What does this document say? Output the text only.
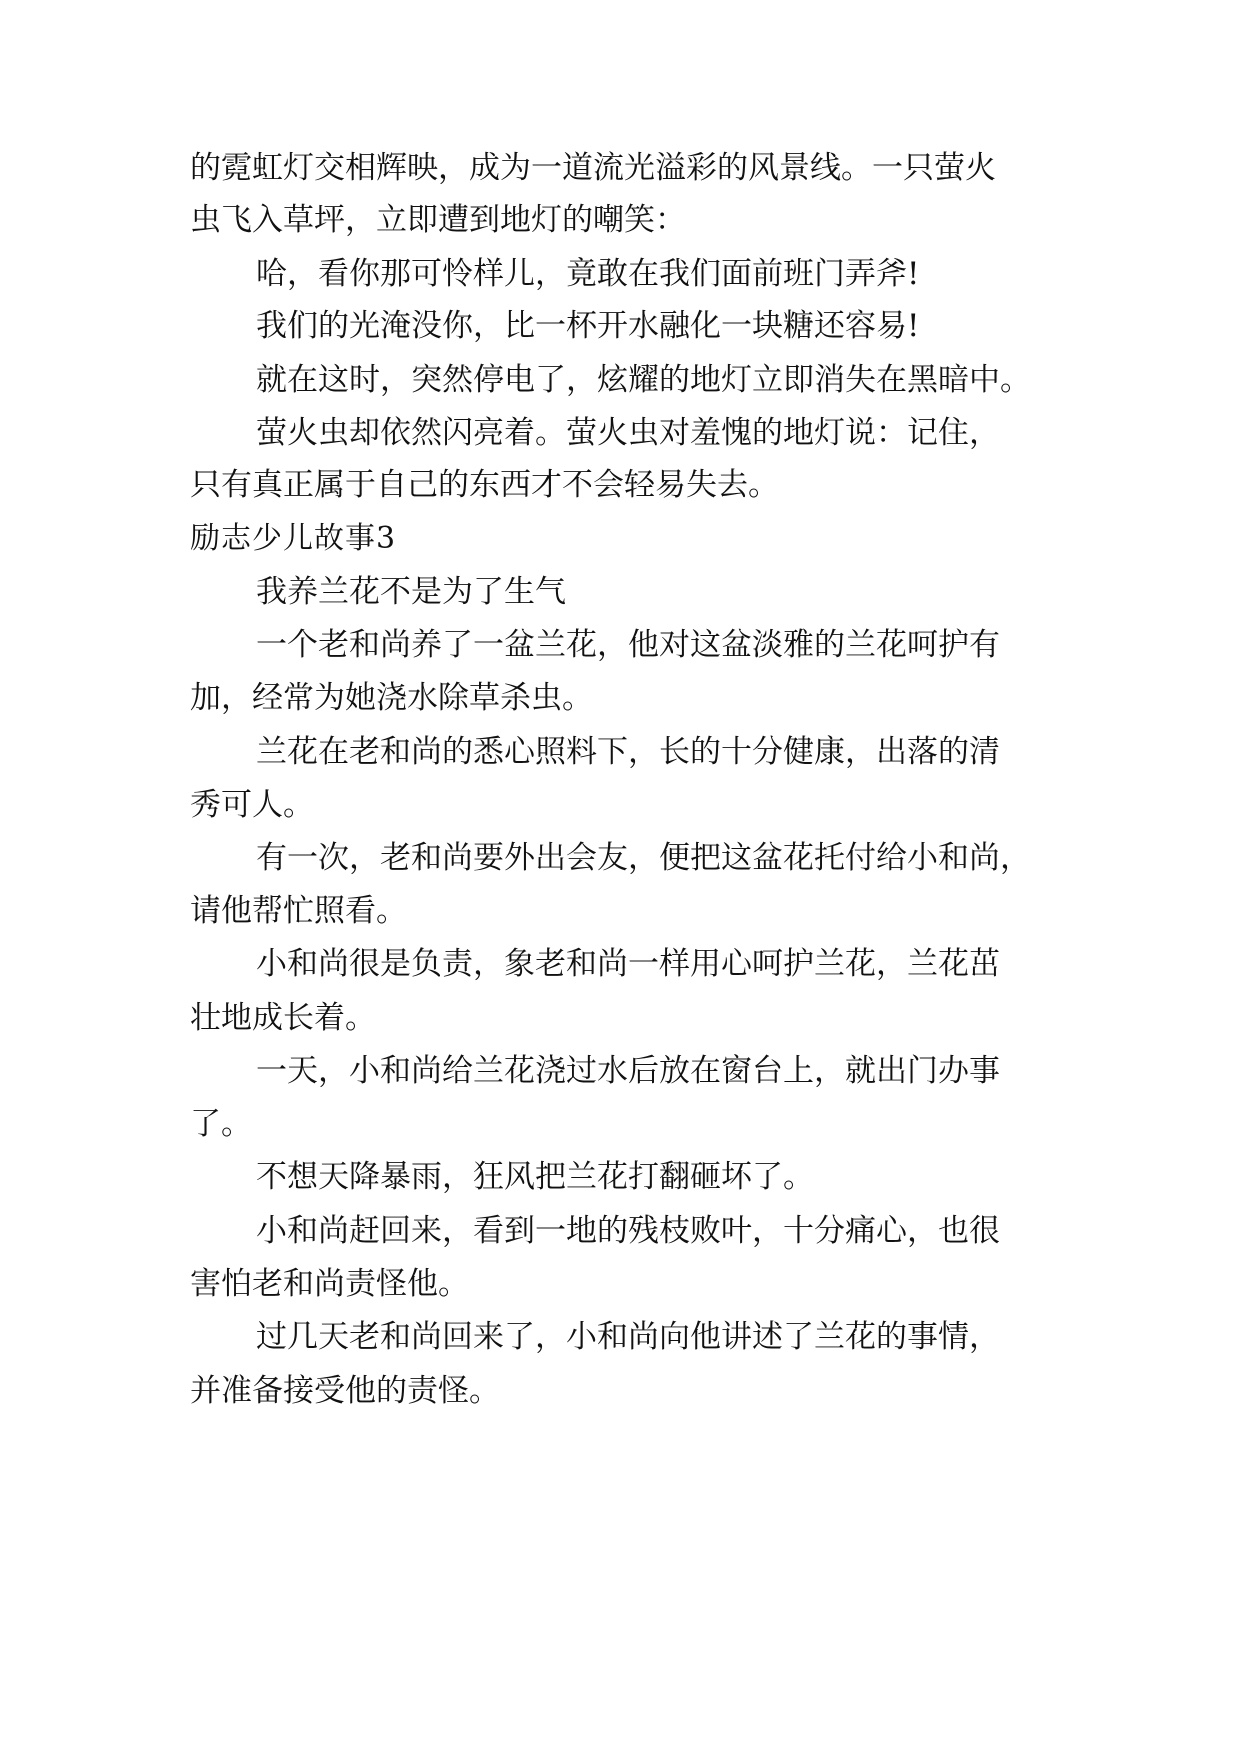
的霓虹灯交相辉映，成为一道流光溢彩的风景线。一只萤火
虫飞入草坪，立即遭到地灯的嘲笑：
哈，看你那可怜样儿，竟敢在我们面前班门弄斧!
我们的光淹没你，比一杯开水融化一块糖还容易!
就在这时，突然停电了，炫耀的地灯立即消失在黑暗中。
萤火虫却依然闪亮着。萤火虫对羞愧的地灯说：记住，
只有真正属于自己的东西才不会轻易失去。
励志少儿故事3
我养兰花不是为了生气
一个老和尚养了一盆兰花，他对这盆淡雅的兰花呵护有
加，经常为她浇水除草杀虫。
兰花在老和尚的悉心照料下，长的十分健康，出落的清
秀可人。
有一次，老和尚要外出会友，便把这盆花托付给小和尚，
请他帮忙照看。
小和尚很是负责，象老和尚一样用心呵护兰花，兰花茁
壮地成长着。
一天，小和尚给兰花浇过水后放在窗台上，就出门办事
了。
不想天降暴雨，狂风把兰花打翻砸坏了。
小和尚赶回来，看到一地的残枝败叶，十分痛心，也很
害怕老和尚责怪他。
过几天老和尚回来了，小和尚向他讲述了兰花的事情，
并准备接受他的责怪。
